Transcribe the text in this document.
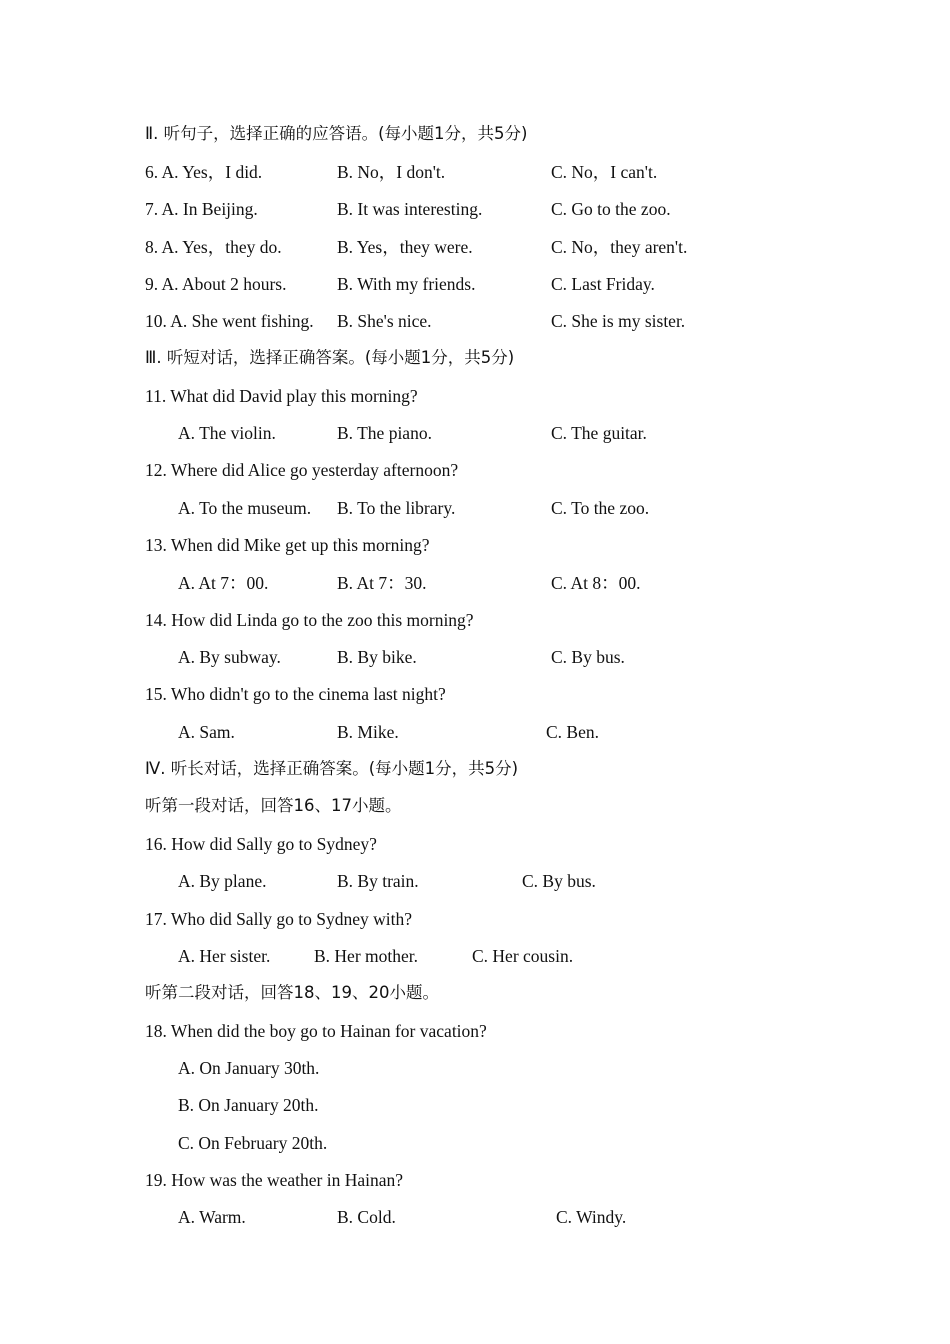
Ⅱ. 听句子，选择正确的应答语。(每小题1分，共5分)
6. A. Yes，I did.	B. No，I don't.	C. No，I can't.
7. A. In Beijing.	B. It was interesting.	C. Go to the zoo.
8. A. Yes，they do.	B. Yes，they were.	C. No，they aren't.
9. A. About 2 hours.	B. With my friends.	C. Last Friday.
10. A. She went fishing. B. She's nice.	C. She is my sister.
Ⅲ. 听短对话，选择正确答案。(每小题1分，共5分)
11. What did David play this morning?
A. The violin.	B. The piano.	C. The guitar.
12. Where did Alice go yesterday afternoon?
A. To the museum. B. To the library.	C. To the zoo.
13. When did Mike get up this morning?
A. At 7：00.	B. At 7：30.	C. At 8：00.
14. How did Linda go to the zoo this morning?
A. By subway.	B. By bike.	C. By bus.
15. Who didn't go to the cinema last night?
A. Sam.	B. Mike.	C. Ben.
Ⅳ. 听长对话，选择正确答案。(每小题1分，共5分)
听第一段对话，回答16、17小题。
16. How did Sally go to Sydney?
A. By plane.	B. By train.	C. By bus.
17. Who did Sally go to Sydney with?
A. Her sister. B. Her mother.	C. Her cousin.
听第二段对话，回答18、19、20小题。
18. When did the boy go to Hainan for vacation?
A. On January 30th.
B. On January 20th.
C. On February 20th.
19. How was the weather in Hainan?
A. Warm.	B. Cold.	C. Windy.
